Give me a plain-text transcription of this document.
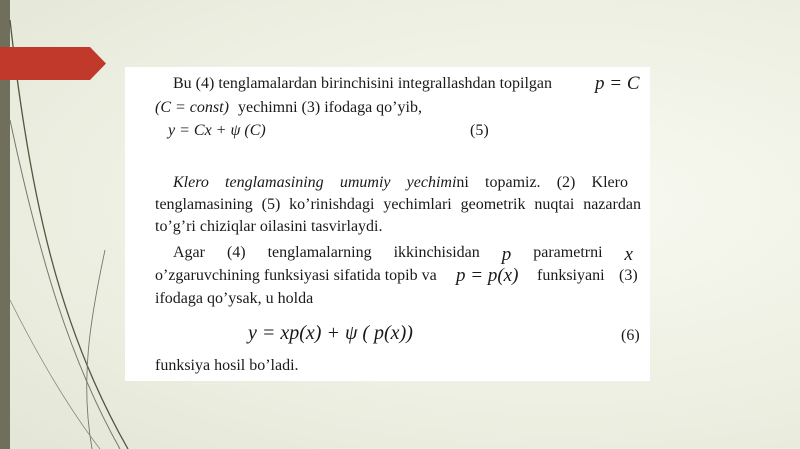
Bu (4) tenglamalardan birinchisini integrallashdan topilgan p = C
(C = const) yechimni (3) ifodaga qo’yib,
y = Cx + ψ (C)	(5)
Klero tenglamasining umumiy yechimini topamiz. (2) Klero
tenglamasining (5) ko’rinishdagi yechimlari geometrik nuqtai nazardan
to’g’ri chiziqlar oilasini tasvirlaydi.
Agar (4) tenglamalarning ikkinchisidan p parametrni x
o’zgaruvchining funksiyasi sifatida topib va p = p(x) funksiyani (3)
ifodaga qo’ysak, u holda
y = xp(x) + ψ ( p(x))	(6)
funksiya hosil bo’ladi.
